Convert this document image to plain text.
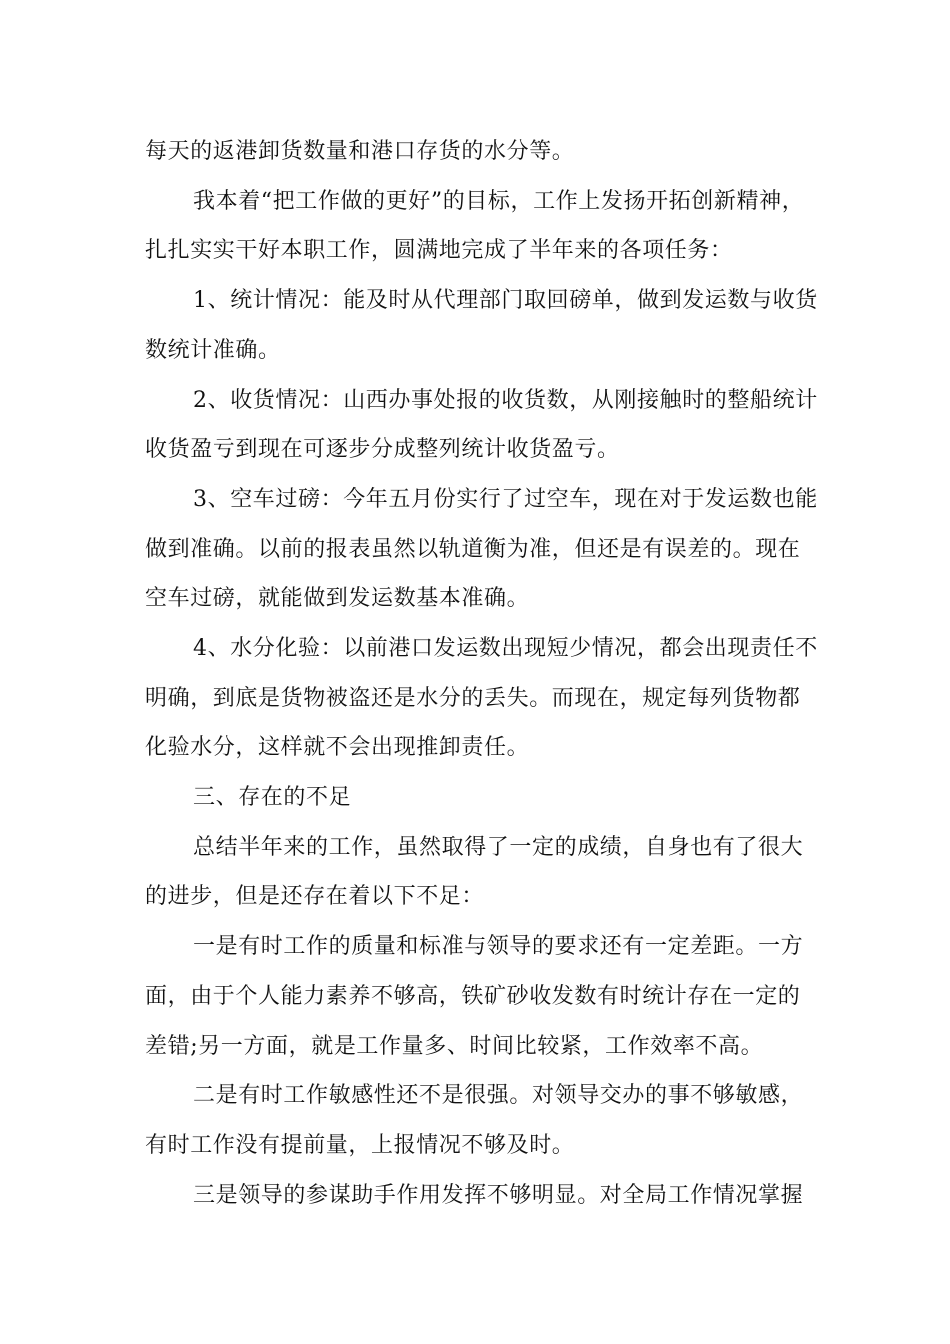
每天的返港卸货数量和港口存货的水分等。
我本着“把工作做的更好”的目标，工作上发扬开拓创新精神，
扎扎实实干好本职工作，圆满地完成了半年来的各项任务：
1、统计情况：能及时从代理部门取回磅单，做到发运数与收货
数统计准确。
2、收货情况：山西办事处报的收货数，从刚接触时的整船统计
收货盈亏到现在可逐步分成整列统计收货盈亏。
3、空车过磅：今年五月份实行了过空车，现在对于发运数也能
做到准确。以前的报表虽然以轨道衡为准，但还是有误差的。现在
空车过磅，就能做到发运数基本准确。
4、水分化验：以前港口发运数出现短少情况，都会出现责任不
明确，到底是货物被盗还是水分的丢失。而现在，规定每列货物都
化验水分，这样就不会出现推卸责任。
三、存在的不足
总结半年来的工作，虽然取得了一定的成绩，自身也有了很大
的进步，但是还存在着以下不足：
一是有时工作的质量和标准与领导的要求还有一定差距。一方
面，由于个人能力素养不够高，铁矿砂收发数有时统计存在一定的
差错;另一方面，就是工作量多、时间比较紧，工作效率不高。
二是有时工作敏感性还不是很强。对领导交办的事不够敏感，
有时工作没有提前量，上报情况不够及时。
三是领导的参谋助手作用发挥不够明显。对全局工作情况掌握
